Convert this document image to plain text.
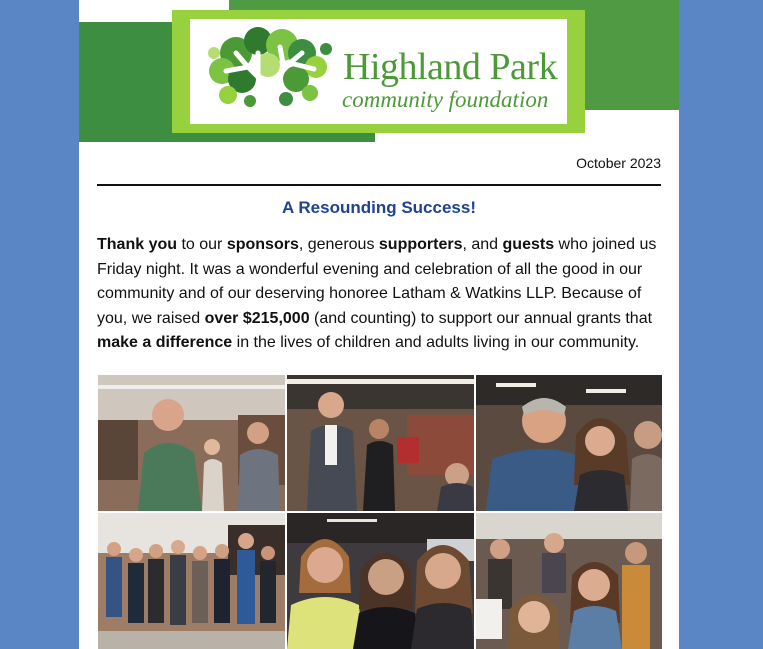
Highland Park
community foundation
October 2023
A Resounding Success!
Thank you to our sponsors, generous supporters, and guests who joined us Friday night. It was a wonderful evening and celebration of all the good in our community and of our deserving honoree Latham & Watkins LLP. Because of you, we raised over $215,000 (and counting) to support our annual grants that make a difference in the lives of children and adults living in our community.
